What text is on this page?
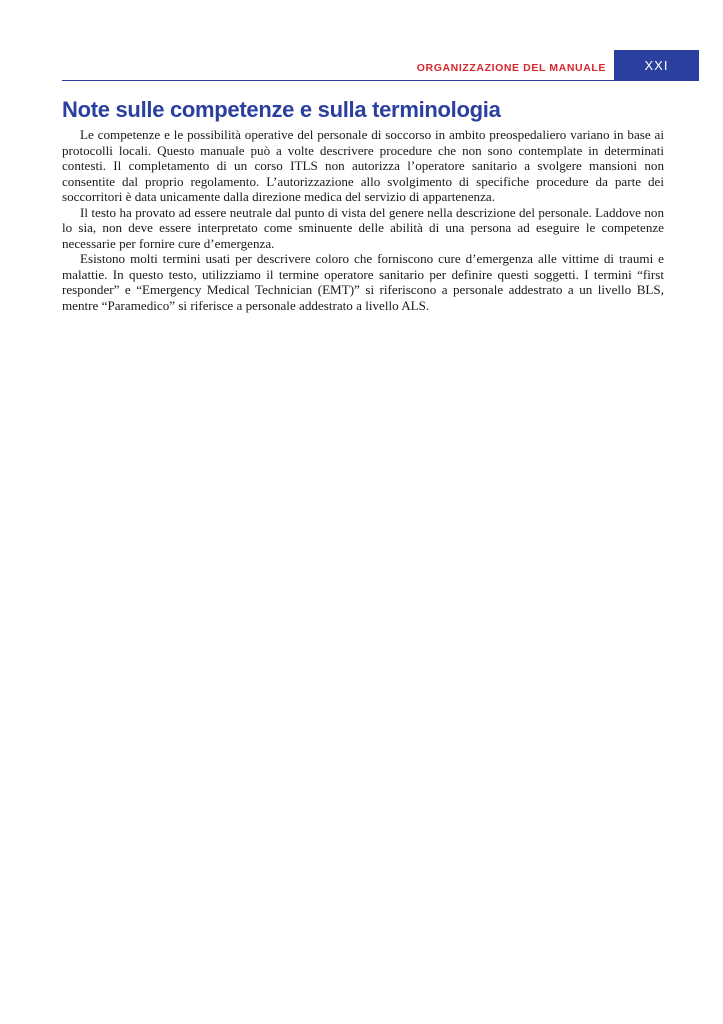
ORGANIZZAZIONE DEL MANUALE	XXI
Note sulle competenze e sulla terminologia

Le competenze e le possibilità operative del personale di soccorso in ambito preospedaliero variano in base ai protocolli locali. Questo manuale può a volte descrivere procedure che non sono contemplate in determinati contesti. Il completamento di un corso ITLS non autorizza l’operatore sanitario a svolgere mansioni non consentite dal proprio regolamento. L’autorizzazione allo svolgimento di specifiche procedure da parte dei soccorritori è data unicamente dalla direzione medica del servizio di appartenenza.

Il testo ha provato ad essere neutrale dal punto di vista del genere nella descrizione del personale. Laddove non lo sia, non deve essere interpretato come sminuente delle abilità di una persona ad eseguire le competenze necessarie per fornire cure d’emergenza.

Esistono molti termini usati per descrivere coloro che forniscono cure d’emergenza alle vittime di traumi e malattie. In questo testo, utilizziamo il termine operatore sanitario per definire questi soggetti. I termini “first responder” e “Emergency Medical Technician (EMT)” si riferiscono a personale addestrato a un livello BLS, mentre “Paramedico” si riferisce a personale addestrato a livello ALS.
